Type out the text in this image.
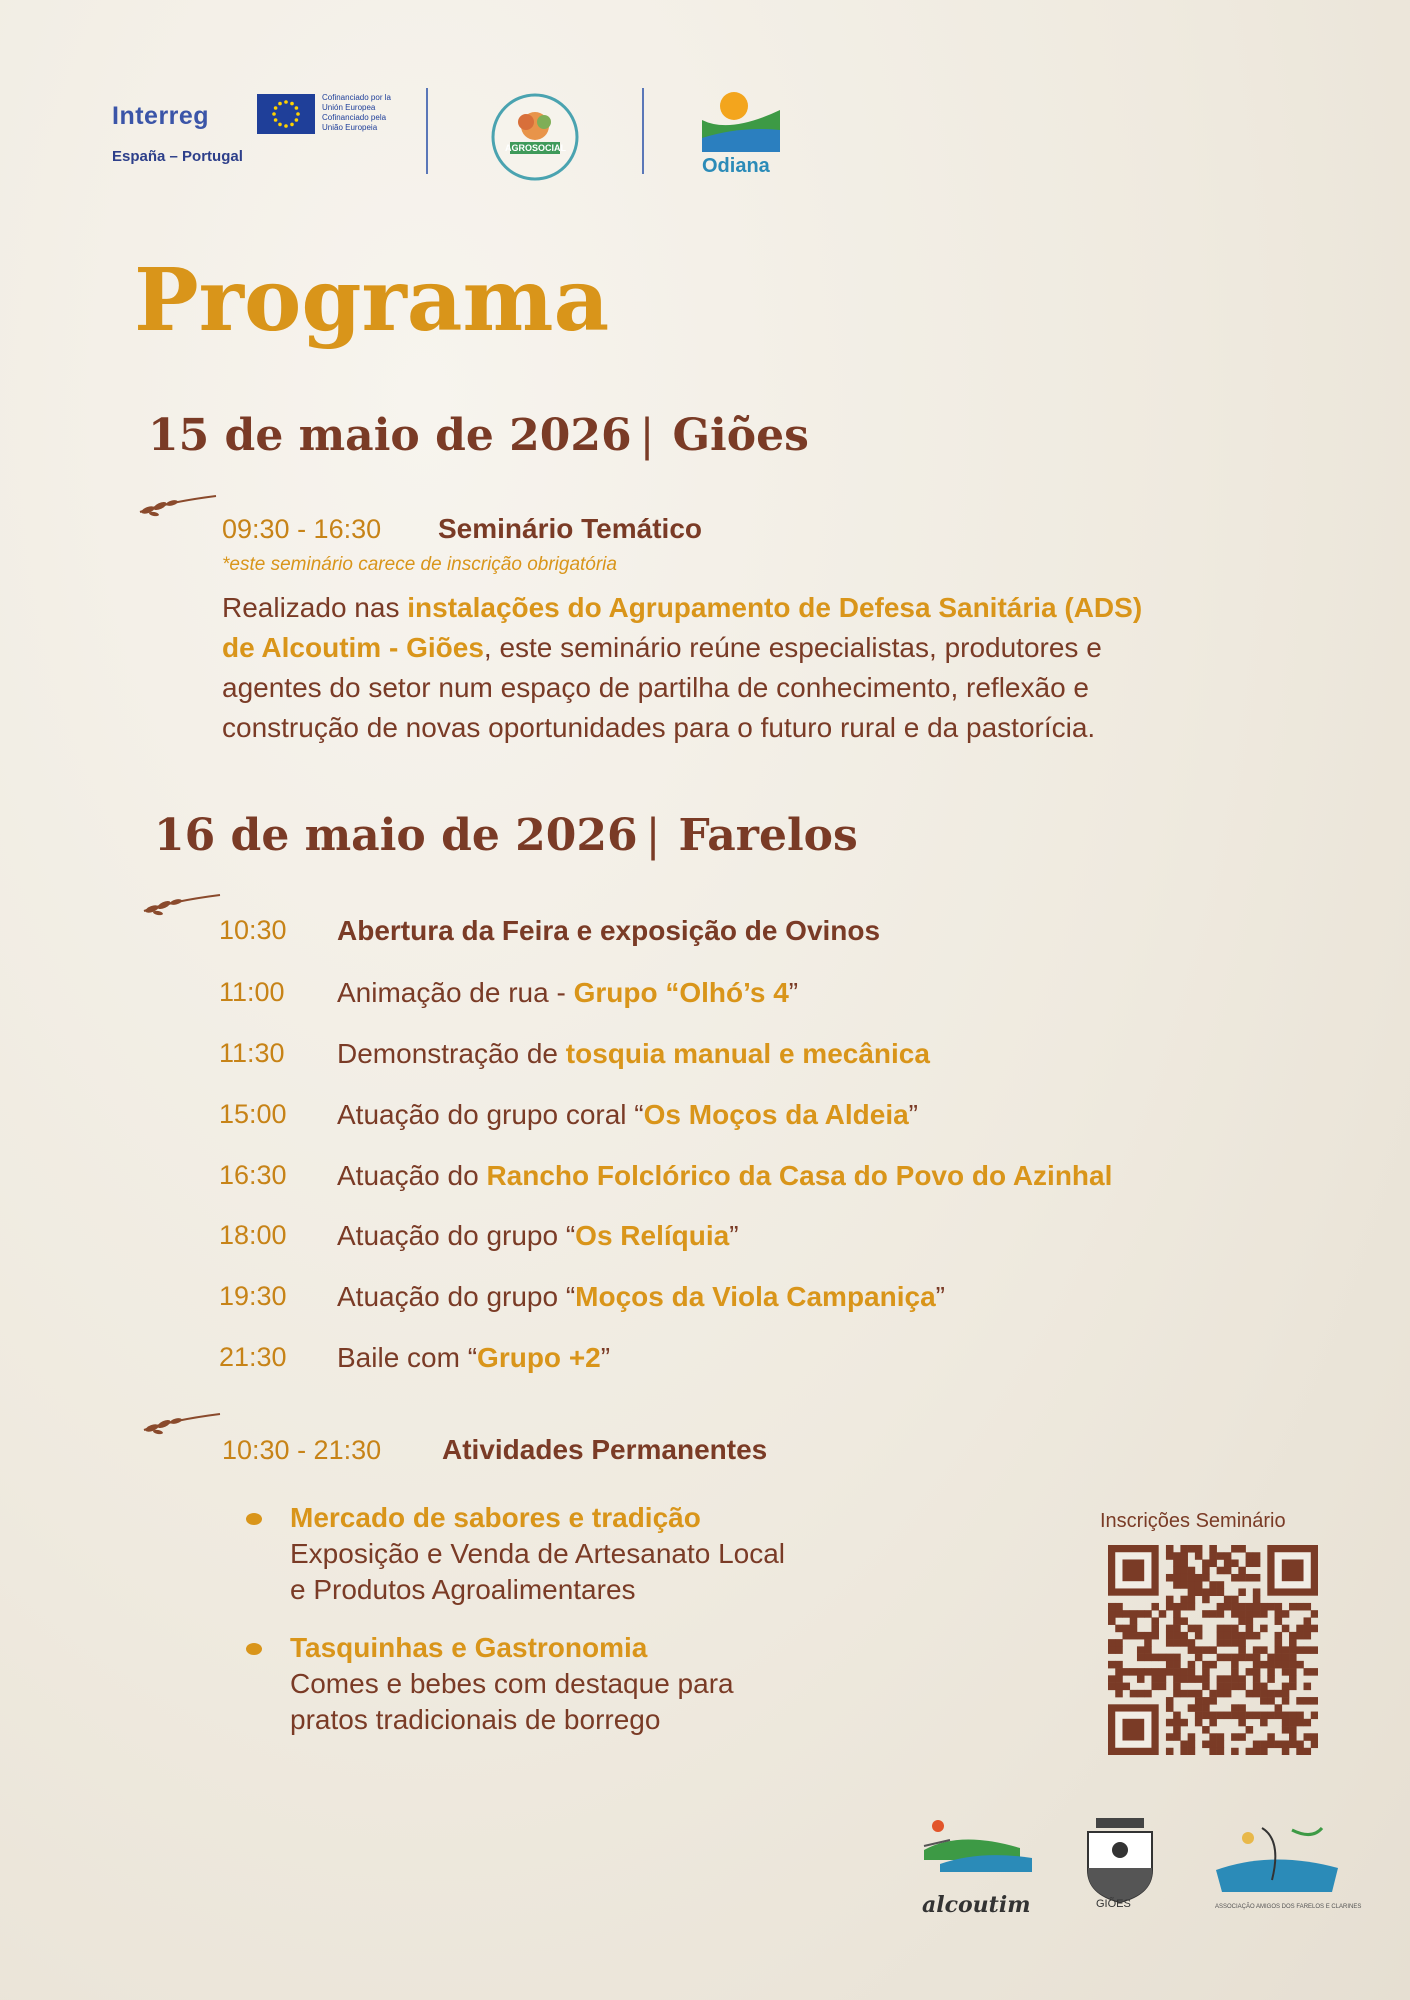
Interreg
Cofinanciado por la Unión Europea Cofinanciado pela União Europeia
España – Portugal	AGROSOCIAL
Odiana
Programa
15 de maio de 2026 | Giões
09:30 - 16:30 Seminário Temático
*este seminário carece de inscrição obrigatória
Realizado nas instalações do Agrupamento de Defesa Sanitária (ADS)
de Alcoutim - Giões, este seminário reúne especialistas, produtores e
agentes do setor num espaço de partilha de conhecimento, reflexão e
construção de novas oportunidades para o futuro rural e da pastorícia.
16 de maio de 2026 | Farelos
10:30 Abertura da Feira e exposição de Ovinos
11:00 Animação de rua - Grupo “Olhó’s 4”
11:30 Demonstração de tosquia manual e mecânica
15:00 Atuação do grupo coral “Os Moços da Aldeia”
16:30 Atuação do Rancho Folclórico da Casa do Povo do Azinhal
18:00 Atuação do grupo “Os Relíquia”
19:30 Atuação do grupo “Moços da Viola Campaniça”
21:30 Baile com “Grupo +2”
10:30 - 21:30 Atividades Permanentes
Mercado de sabores e tradição
Exposição e Venda de Artesanato Local
e Produtos Agroalimentares
Tasquinhas e Gastronomia
Comes e bebes com destaque para
pratos tradicionais de borrego
Inscrições Seminário
alcoutim	GIÕES	ASSOCIAÇÃO AMIGOS DOS FARELOS E CLARINES
